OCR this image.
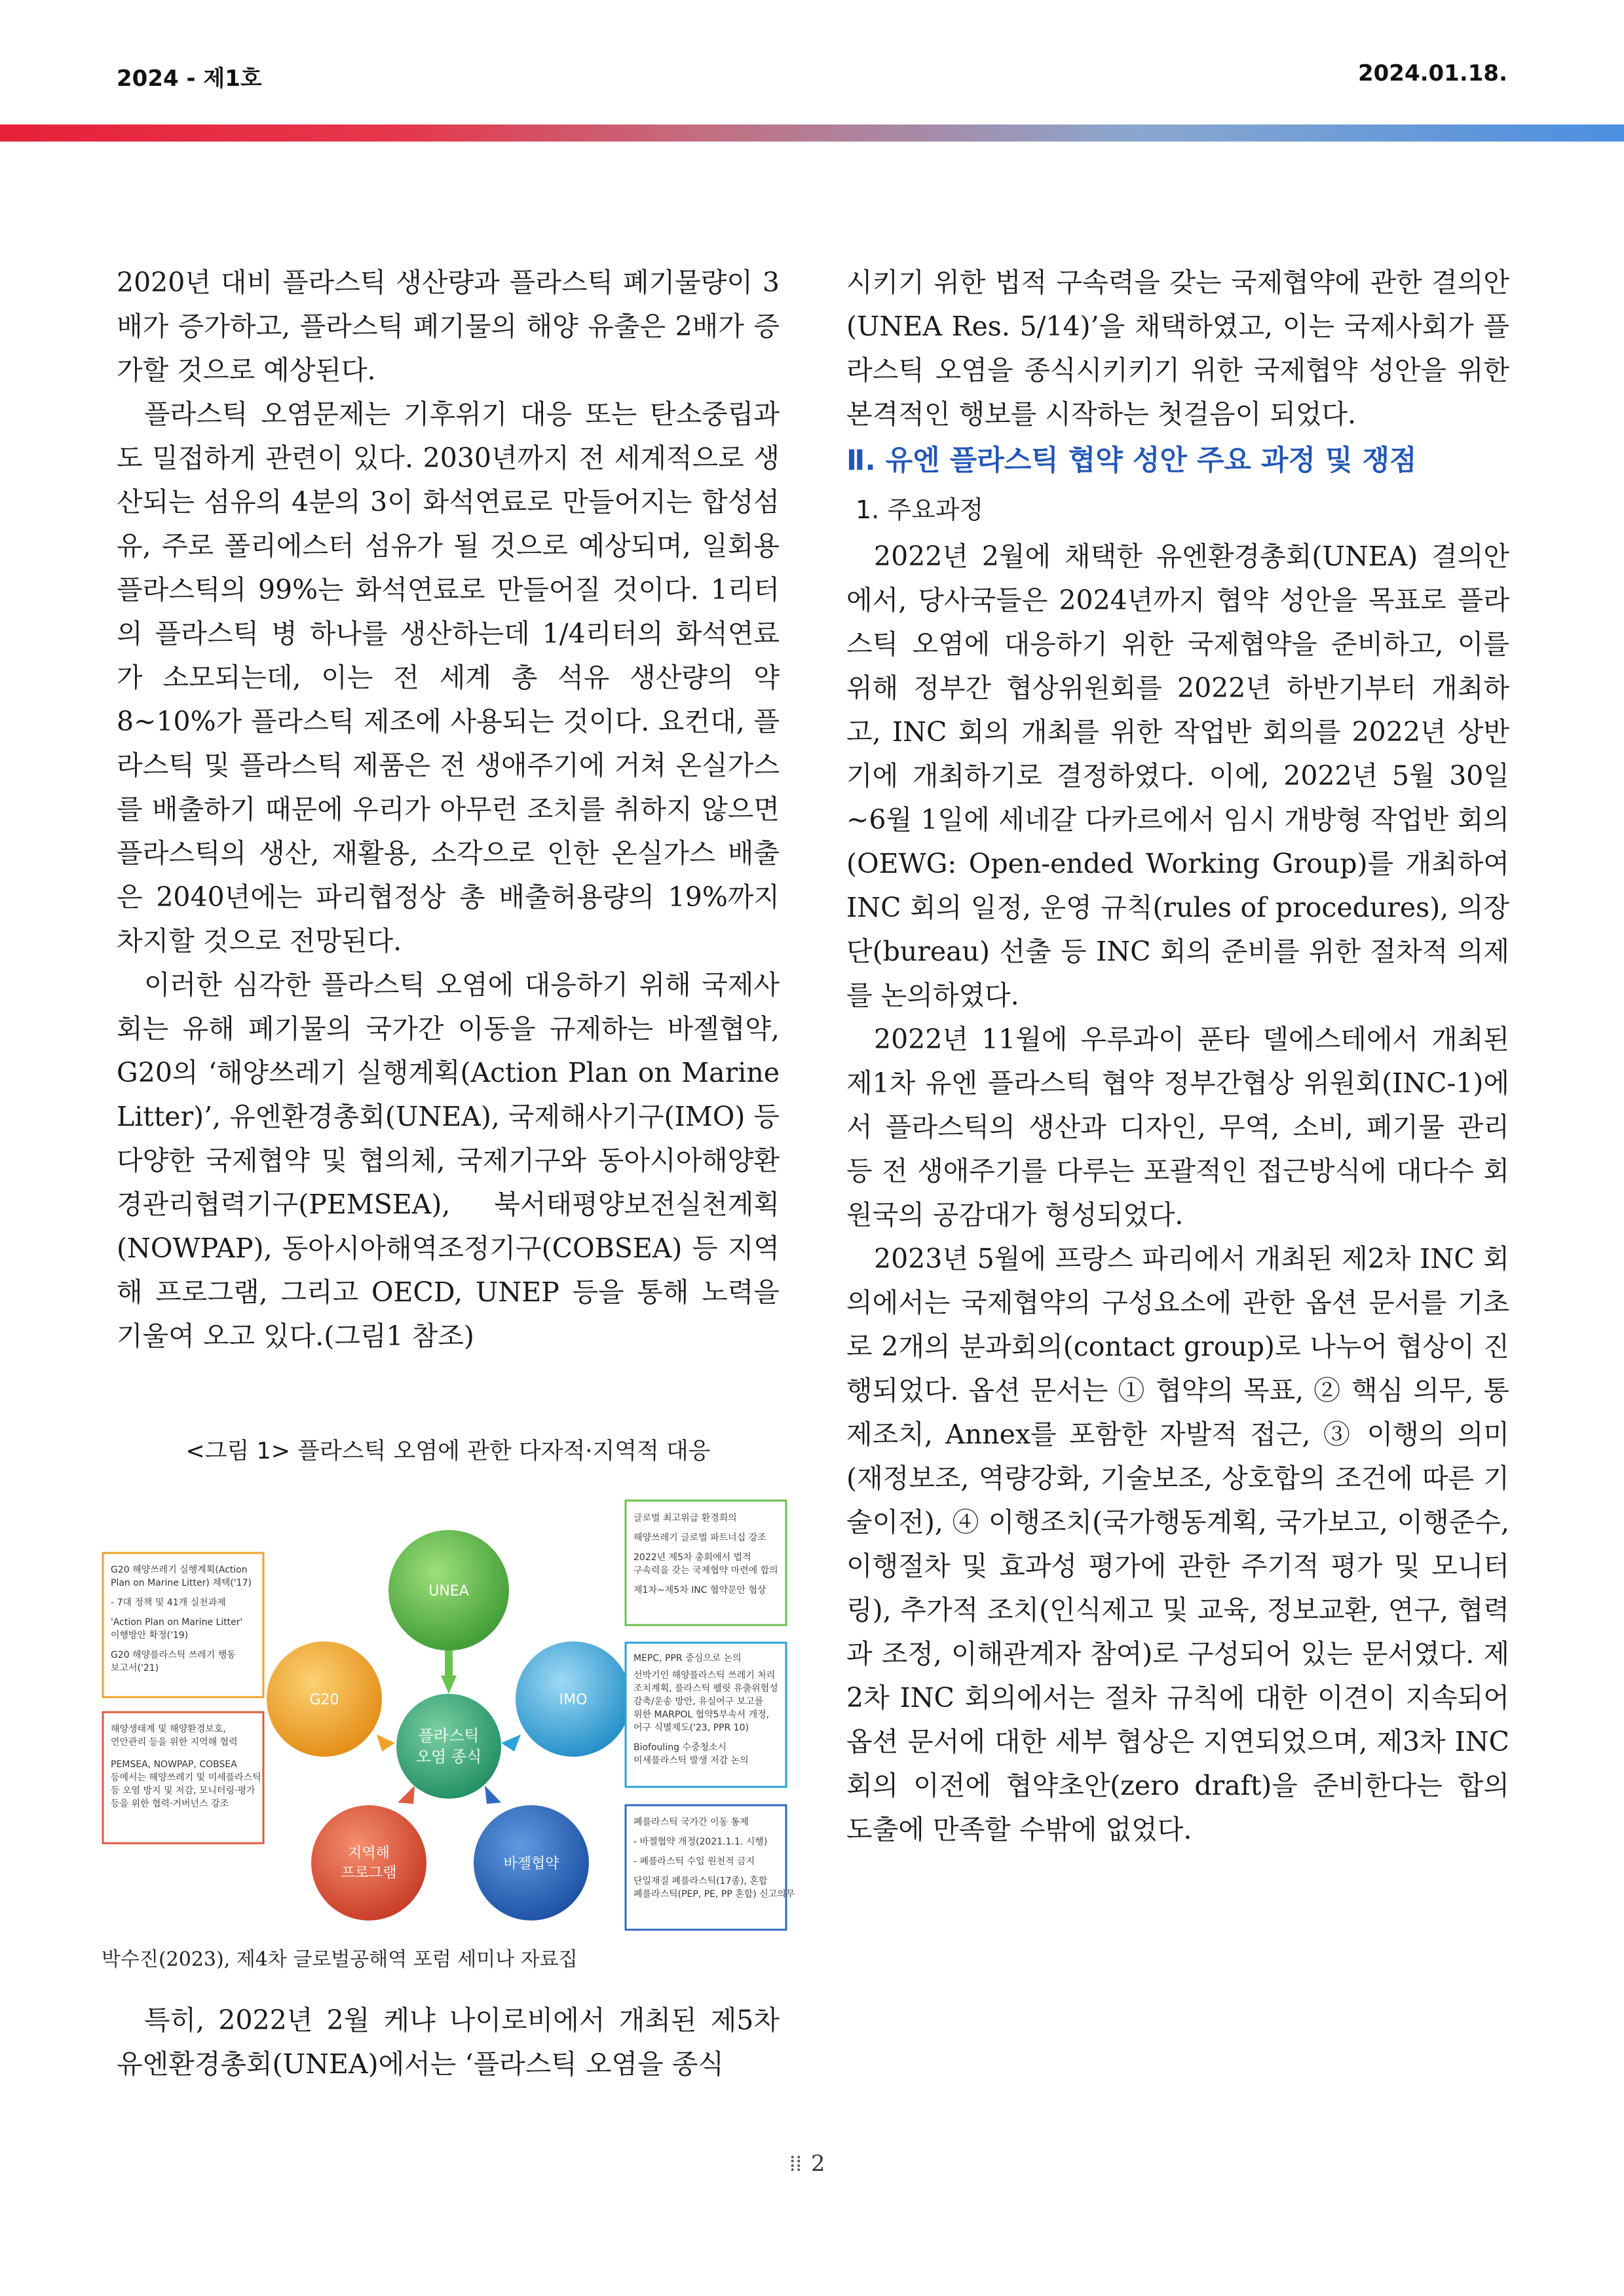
2024 - 제1호	2024.01.18.

2020년 대비 플라스틱 생산량과 플라스틱 폐기물량이 3배가 증가하고, 플라스틱 폐기물의 해양 유출은 2배가 증가할 것으로 예상된다.

플라스틱 오염문제는 기후위기 대응 또는 탄소중립과도 밀접하게 관련이 있다. 2030년까지 전 세계적으로 생산되는 섬유의 4분의 3이 화석연료로 만들어지는 합성섬유, 주로 폴리에스터 섬유가 될 것으로 예상되며, 일회용 플라스틱의 99%는 화석연료로 만들어질 것이다. 1리터의 플라스틱 병 하나를 생산하는데 1/4리터의 화석연료가 소모되는데, 이는 전 세계 총 석유 생산량의 약 8~10%가 플라스틱 제조에 사용되는 것이다. 요컨대, 플라스틱 및 플라스틱 제품은 전 생애주기에 거쳐 온실가스를 배출하기 때문에 우리가 아무런 조치를 취하지 않으면 플라스틱의 생산, 재활용, 소각으로 인한 온실가스 배출은 2040년에는 파리협정상 총 배출허용량의 19%까지 차지할 것으로 전망된다.

이러한 심각한 플라스틱 오염에 대응하기 위해 국제사회는 유해 폐기물의 국가간 이동을 규제하는 바젤협약, G20의 ‘해양쓰레기 실행계획(Action Plan on Marine Litter)’, 유엔환경총회(UNEA), 국제해사기구(IMO) 등 다양한 국제협약 및 협의체, 국제기구와 동아시아해양환경관리협력기구(PEMSEA), 북서태평양보전실천계획(NOWPAP), 동아시아해역조정기구(COBSEA) 등 지역해 프로그램, 그리고 OECD, UNEP 등을 통해 노력을 기울여 오고 있다.(그림1 참조)

<그림 1> 플라스틱 오염에 관한 다자적·지역적 대응
UNEA
IMO
G20
지역해
프로그램
바젤협약
플라스틱
오염 종식
글로벌 최고위급 환경회의
해양쓰레기 글로벌 파트너십 강조
2022년 제5차 총회에서 법적
구속력을 갖는 국제협약 마련에 합의
제1차~제5차 INC 협약문안 협상
MEPC, PPR 중심으로 논의
선박기인 해양플라스틱 쓰레기 처리
조치계획, 플라스틱 펠릿 유출위험성
감축/운송 방안, 유실어구 보고를
위한 MARPOL 협약5부속서 개정,
어구 식별제도('23, PPR 10)
Biofouling 수중청소시
미세플라스틱 발생 저감 논의
G20 해양쓰레기 실행계획(Action
Plan on Marine Litter) 채택('17)
- 7대 정책 및 41개 실천과제
'Action Plan on Marine Litter'
이행방안 확정('19)
G20 해양플라스틱 쓰레기 행동
보고서('21)
해양생태계 및 해양환경보호,
연안관리 등을 위한 지역해 협력
PEMSEA, NOWPAP, COBSEA
등에서는 해양쓰레기 및 미세플라스틱
등 오염 방지 및 저감, 모니터링·평가
등을 위한 협력·거버넌스 강조
폐플라스틱 국가간 이동 통제
- 바젤협약 개정(2021.1.1. 시행)
- 폐플라스틱 수입 원천적 금지
단일재질 폐플라스틱(17종), 혼합
폐플라스틱(PEP, PE, PP 혼합) 신고의무
박수진(2023), 제4차 글로벌공해역 포럼 세미나 자료집

특히, 2022년 2월 케냐 나이로비에서 개최된 제5차 유엔환경총회(UNEA)에서는 ‘플라스틱 오염을 종식

시키기 위한 법적 구속력을 갖는 국제협약에 관한 결의안(UNEA Res. 5/14)’을 채택하였고, 이는 국제사회가 플라스틱 오염을 종식시키키기 위한 국제협약 성안을 위한 본격적인 행보를 시작하는 첫걸음이 되었다.

Ⅱ. 유엔 플라스틱 협약 성안 주요 과정 및 쟁점

1. 주요과정

2022년 2월에 채택한 유엔환경총회(UNEA) 결의안에서, 당사국들은 2024년까지 협약 성안을 목표로 플라스틱 오염에 대응하기 위한 국제협약을 준비하고, 이를 위해 정부간 협상위원회를 2022년 하반기부터 개최하고, INC 회의 개최를 위한 작업반 회의를 2022년 상반기에 개최하기로 결정하였다. 이에, 2022년 5월 30일~6월 1일에 세네갈 다카르에서 임시 개방형 작업반 회의(OEWG: Open-ended Working Group)를 개최하여 INC 회의 일정, 운영 규칙(rules of procedures), 의장단(bureau) 선출 등 INC 회의 준비를 위한 절차적 의제를 논의하였다.

2022년 11월에 우루과이 푼타 델에스테에서 개최된 제1차 유엔 플라스틱 협약 정부간협상 위원회(INC-1)에서 플라스틱의 생산과 디자인, 무역, 소비, 폐기물 관리 등 전 생애주기를 다루는 포괄적인 접근방식에 대다수 회원국의 공감대가 형성되었다.

2023년 5월에 프랑스 파리에서 개최된 제2차 INC 회의에서는 국제협약의 구성요소에 관한 옵션 문서를 기초로 2개의 분과회의(contact group)로 나누어 협상이 진행되었다. 옵션 문서는 ① 협약의 목표, ② 핵심 의무, 통제조치, Annex를 포함한 자발적 접근, ③ 이행의 의미(재정보조, 역량강화, 기술보조, 상호합의 조건에 따른 기술이전), ④ 이행조치(국가행동계획, 국가보고, 이행준수, 이행절차 및 효과성 평가에 관한 주기적 평가 및 모니터링), 추가적 조치(인식제고 및 교육, 정보교환, 연구, 협력과 조정, 이해관계자 참여)로 구성되어 있는 문서였다. 제2차 INC 회의에서는 절차 규칙에 대한 이견이 지속되어 옵션 문서에 대한 세부 협상은 지연되었으며, 제3차 INC 회의 이전에 협약초안(zero draft)을 준비한다는 합의 도출에 만족할 수밖에 없었다.

⁞⁞ 2
